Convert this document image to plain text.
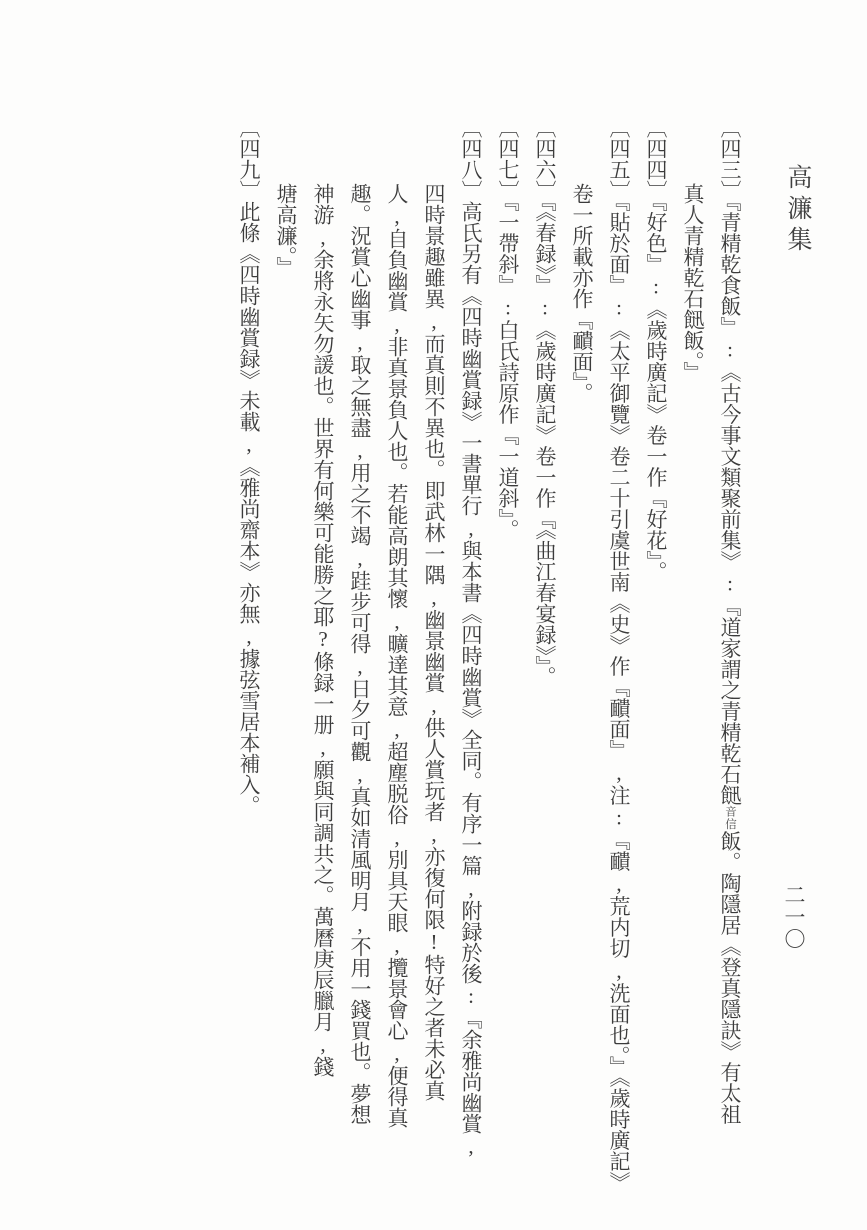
高濂集
二一〇
〔四三〕『青精乾食飯』:《古今事文類聚前集》:『道家謂之青精乾石䭀音信飯。陶隱居《登真隱訣》有太祖
真人青精乾石䭀飯。』
〔四四〕『好色』:《歲時廣記》卷一作『好花』。
〔四五〕『貼於面』:《太平御覽》卷二十引虞世南《史》作『靧面』,注:『靧,荒内切,洗面也。』《歲時廣記》
卷一所載亦作『靧面』。
〔四六〕『《春録》』:《歲時廣記》卷一作『《曲江春宴録》』。
〔四七〕『一帶斜』:白氏詩原作『一道斜』。
〔四八〕高氏另有《四時幽賞録》一書單行,與本書《四時幽賞》全同。有序一篇,附録於後:『余雅尚幽賞,
四時景趣雖異,而真則不異也。即武林一隅,幽景幽賞,供人賞玩者,亦復何限!特好之者未必真
人,自負幽賞,非真景負人也。若能高朗其懷,曠達其意,超塵脱俗,別具天眼,攬景會心,便得真
趣。況賞心幽事,取之無盡,用之不竭,跬步可得,日夕可觀,真如清風明月,不用一錢買也。夢想
神游,余將永矢勿諼也。世界有何樂可能勝之耶?條録一册,願與同調共之。萬曆庚辰臘月,錢
塘高濂。』
〔四九〕此條《四時幽賞録》未載,《雅尚齋本》亦無,據弦雪居本補入。
